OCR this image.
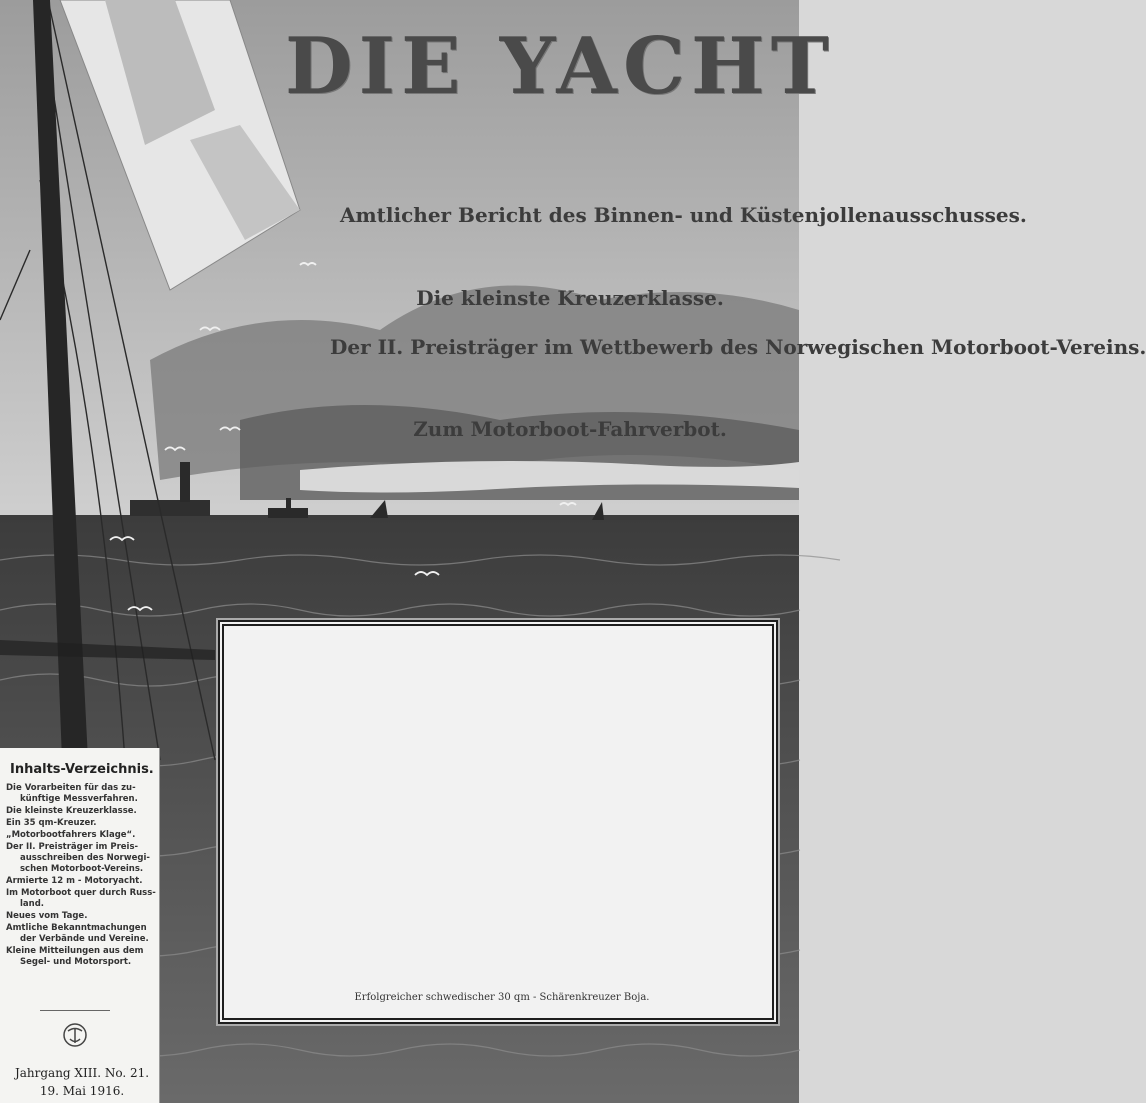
DIE YACHT
Amtlicher Bericht des Binnen- und Küstenjollenausschusses.
Die kleinste Kreuzerklasse.
Der II. Preisträger im Wettbewerb des Norwegischen Motorboot-Vereins.
Zum Motorboot-Fahrverbot.
Erfolgreicher schwedischer 30 qm - Schärenkreuzer Boja.
Inhalts-Verzeichnis.
Die Vorarbeiten für das zu-
künftige Messverfahren.
Die kleinste Kreuzerklasse.
Ein 35 qm-Kreuzer.
„Motorbootfahrers Klage“.
Der II. Preisträger im Preis-
ausschreiben des Norwegi-schen Motorboot-Vereins.
Armierte 12 m - Motoryacht.
Im Motorboot quer durch Russ-
land.
Neues vom Tage.
Amtliche Bekanntmachungen
der Verbände und Vereine.
Kleine Mitteilungen aus dem
Segel- und Motorsport.
Jahrgang XIII. No. 21.
19. Mai 1916.
